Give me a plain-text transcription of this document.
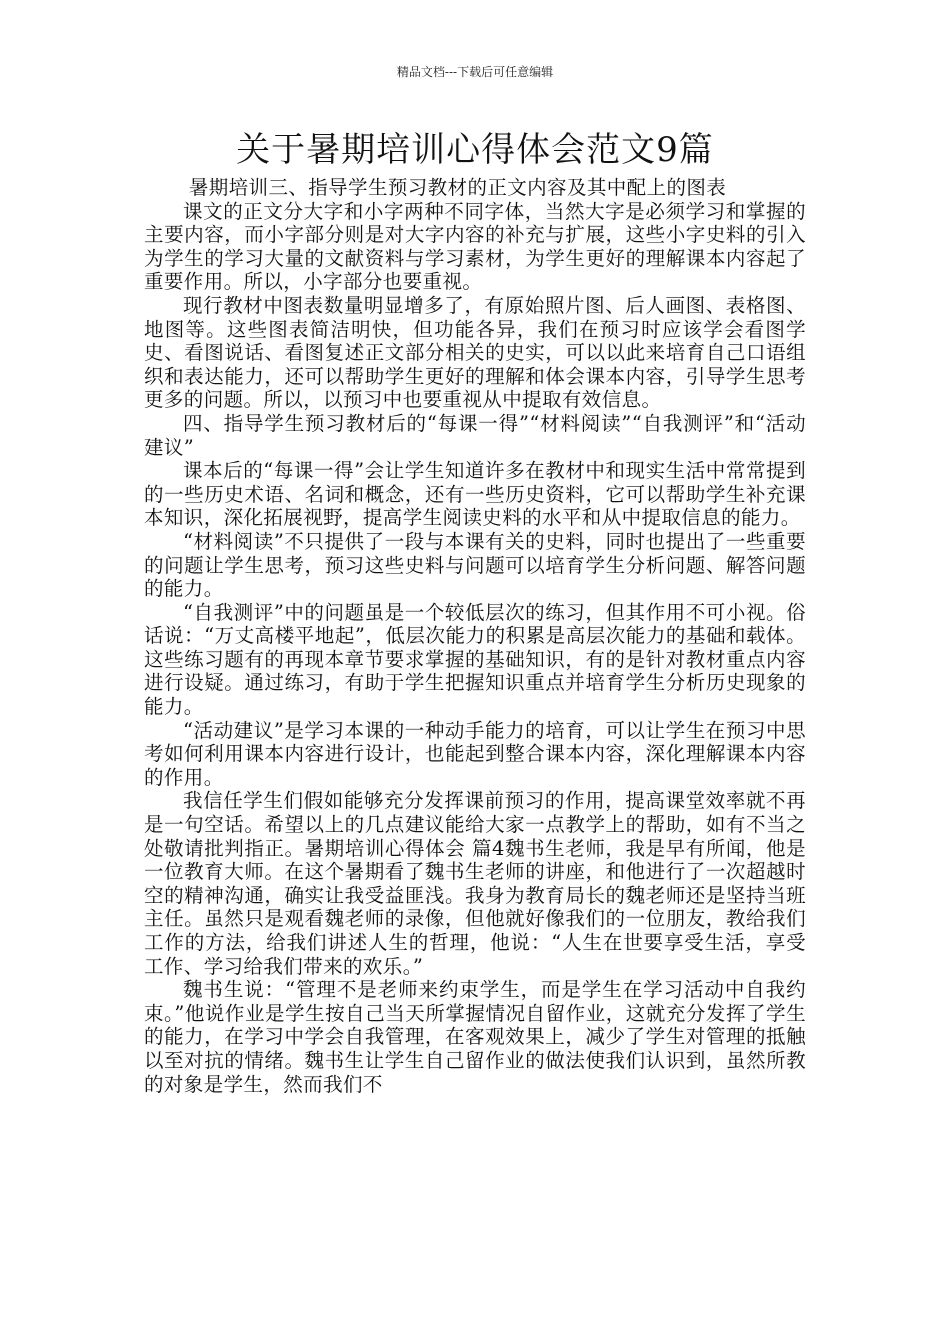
精品文档---下载后可任意编辑
关于暑期培训心得体会范文9篇

暑期培训三、指导学生预习教材的正文内容及其中配上的图表

课文的正文分大字和小字两种不同字体，当然大字是必须学习和掌握的主要内容，而小字部分则是对大字内容的补充与扩展，这些小字史料的引入为学生的学习大量的文献资料与学习素材，为学生更好的理解课本内容起了重要作用。所以，小字部分也要重视。

现行教材中图表数量明显增多了，有原始照片图、后人画图、表格图、地图等。这些图表简洁明快，但功能各异，我们在预习时应该学会看图学史、看图说话、看图复述正文部分相关的史实，可以以此来培育自己口语组织和表达能力，还可以帮助学生更好的理解和体会课本内容，引导学生思考更多的问题。所以，以预习中也要重视从中提取有效信息。

四、指导学生预习教材后的“每课一得”“材料阅读”“自我测评”和“活动建议”

课本后的“每课一得”会让学生知道许多在教材中和现实生活中常常提到的一些历史术语、名词和概念，还有一些历史资料，它可以帮助学生补充课本知识，深化拓展视野，提高学生阅读史料的水平和从中提取信息的能力。

“材料阅读”不只提供了一段与本课有关的史料，同时也提出了一些重要的问题让学生思考，预习这些史料与问题可以培育学生分析问题、解答问题的能力。

“自我测评”中的问题虽是一个较低层次的练习，但其作用不可小视。俗话说：“万丈高楼平地起”，低层次能力的积累是高层次能力的基础和载体。这些练习题有的再现本章节要求掌握的基础知识，有的是针对教材重点内容进行设疑。通过练习，有助于学生把握知识重点并培育学生分析历史现象的能力。

“活动建议”是学习本课的一种动手能力的培育，可以让学生在预习中思考如何利用课本内容进行设计，也能起到整合课本内容，深化理解课本内容的作用。

我信任学生们假如能够充分发挥课前预习的作用，提高课堂效率就不再是一句空话。希望以上的几点建议能给大家一点教学上的帮助，如有不当之处敬请批判指正。暑期培训心得体会 篇4魏书生老师，我是早有所闻，他是一位教育大师。在这个暑期看了魏书生老师的讲座，和他进行了一次超越时空的精神沟通，确实让我受益匪浅。我身为教育局长的魏老师还是坚持当班主任。虽然只是观看魏老师的录像，但他就好像我们的一位朋友，教给我们工作的方法，给我们讲述人生的哲理，他说：“人生在世要享受生活，享受工作、学习给我们带来的欢乐。”

魏书生说：“管理不是老师来约束学生，而是学生在学习活动中自我约束。”他说作业是学生按自己当天所掌握情况自留作业，这就充分发挥了学生的能力，在学习中学会自我管理，在客观效果上，减少了学生对管理的抵触以至对抗的情绪。魏书生让学生自己留作业的做法使我们认识到，虽然所教的对象是学生，然而我们不
